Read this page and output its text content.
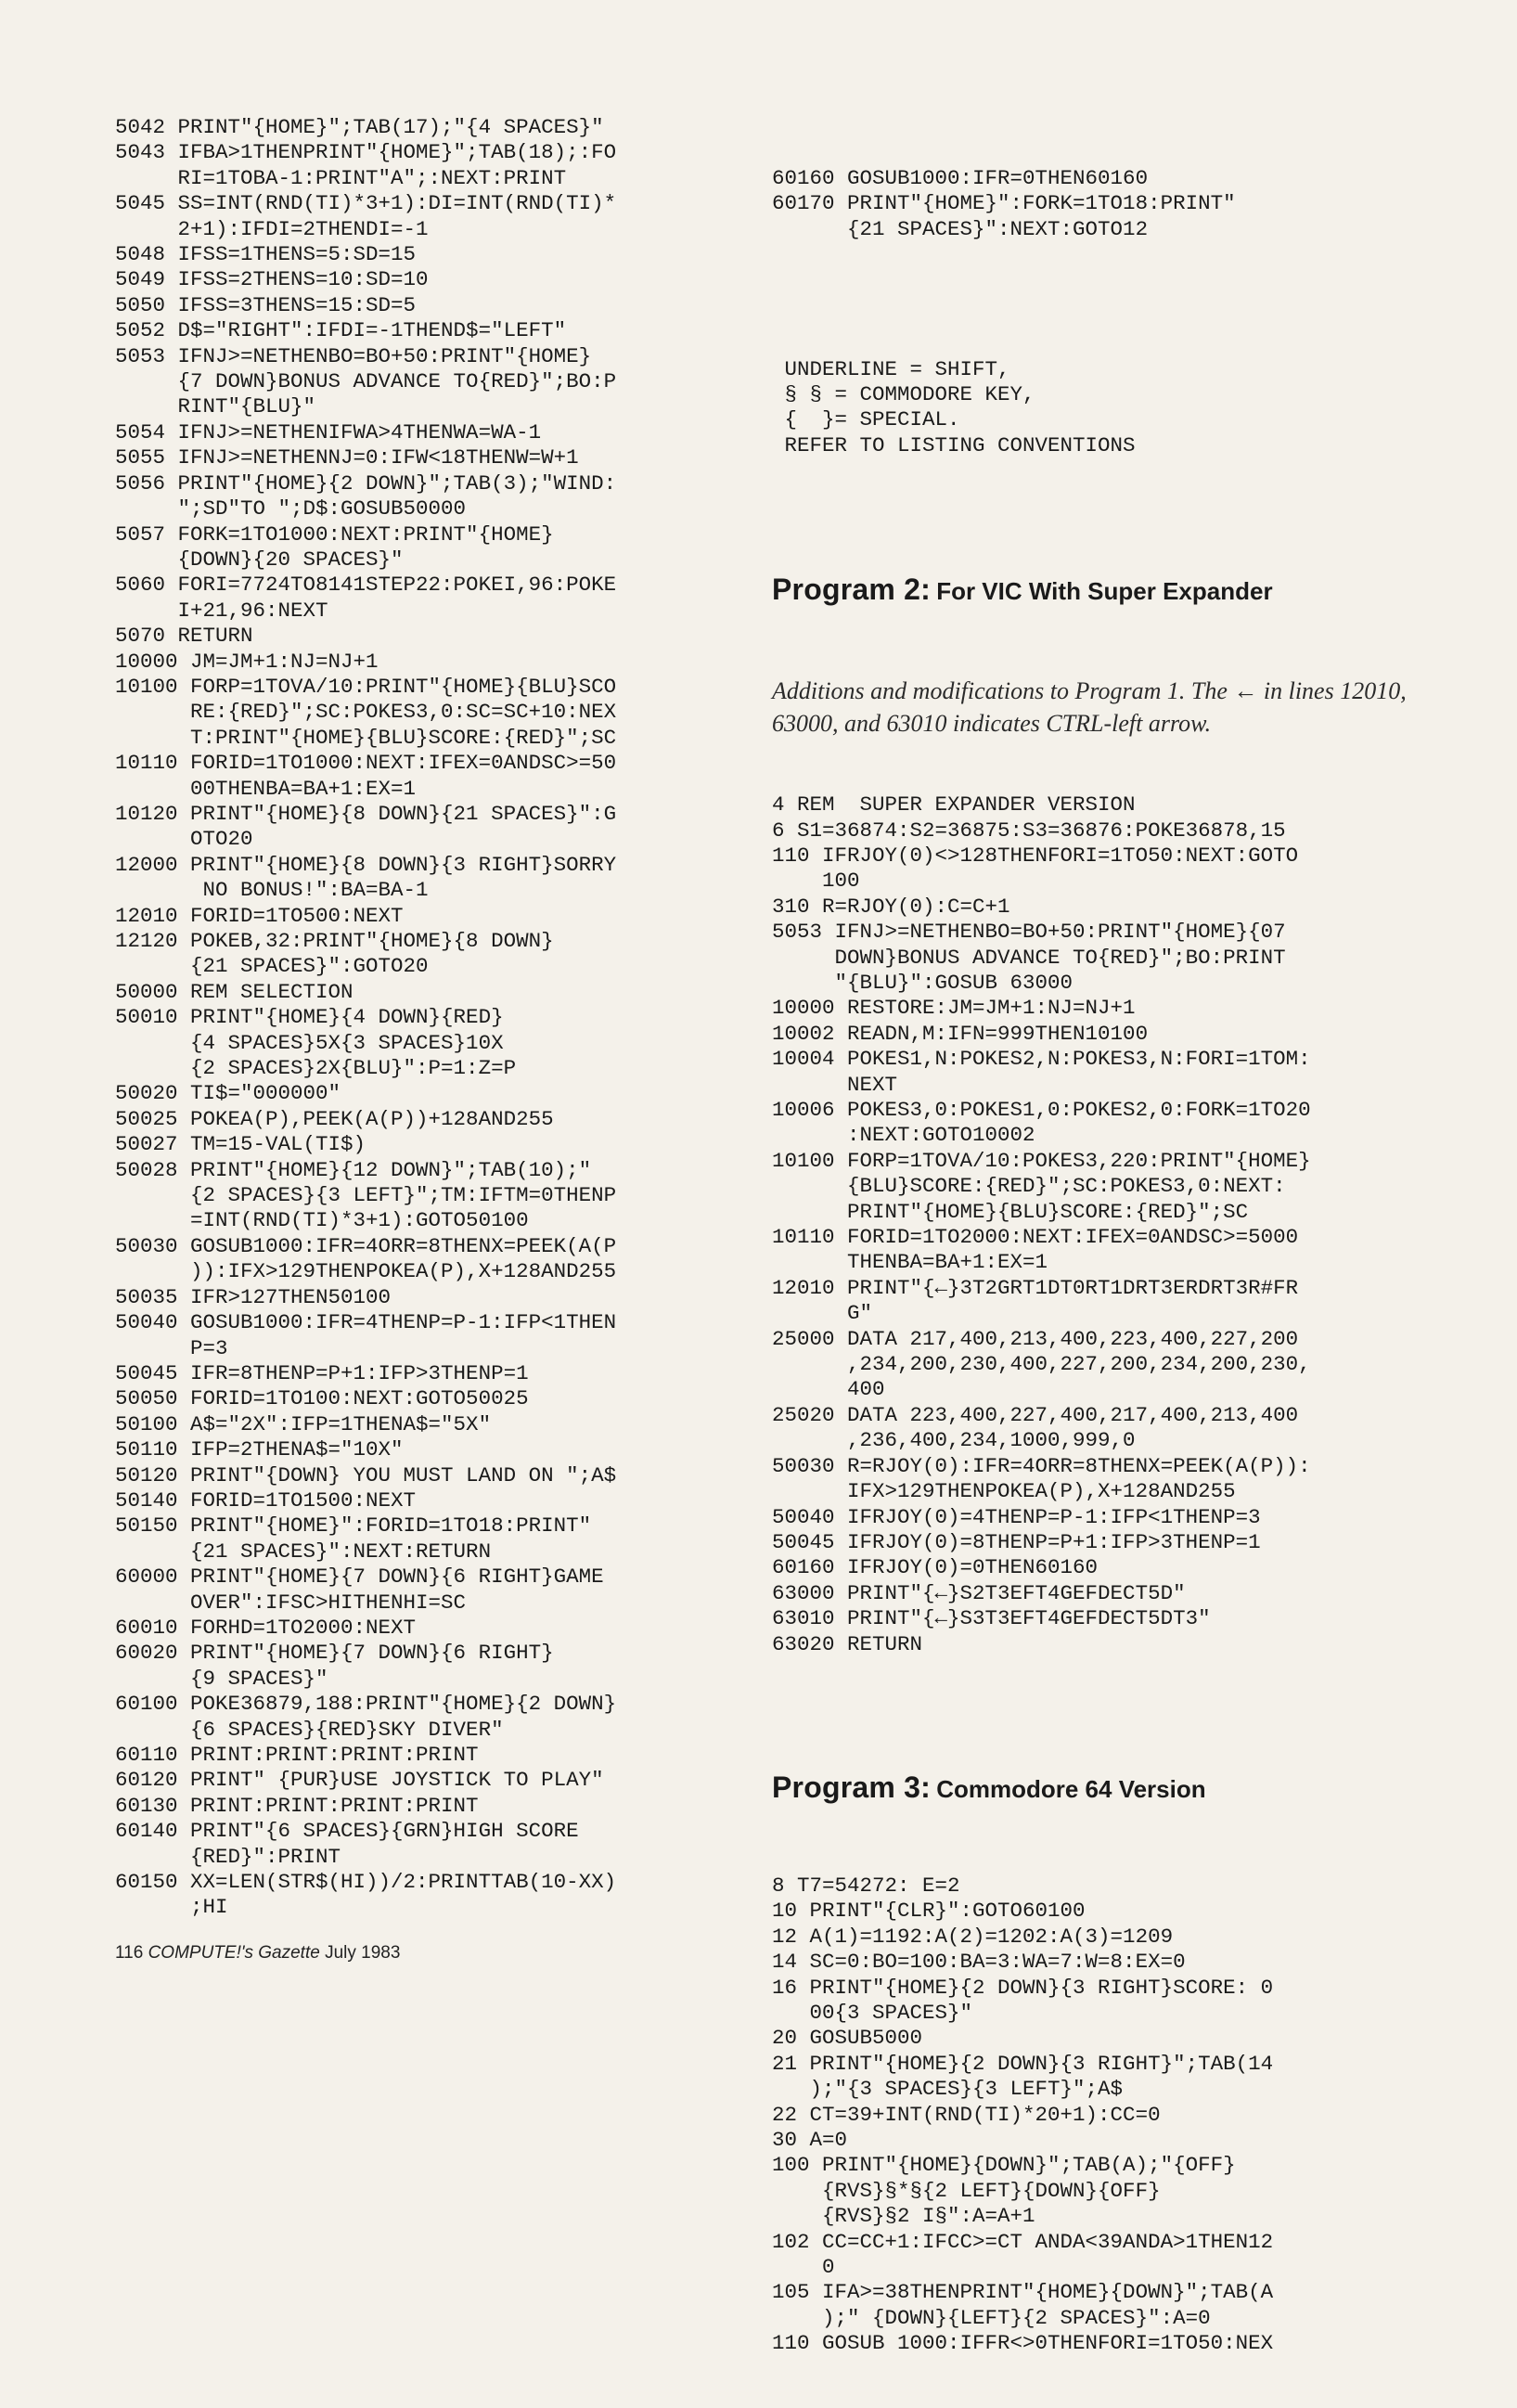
5042 PRINT"{HOME}";TAB(17);"{4 SPACES}"
5043 IFBA>1THENPRINT"{HOME}";TAB(18);:FO
RI=1TOBA-1:PRINT"A";:NEXT:PRINT
5045 SS=INT(RND(TI)*3+1):DI=INT(RND(TI)*
2+1):IFDI=2THENDI=-1
5048 IFSS=1THENS=5:SD=15
5049 IFSS=2THENS=10:SD=10
5050 IFSS=3THENS=15:SD=5
5052 D$="RIGHT":IFDI=-1THEND$="LEFT"
5053 IFNJ>=NETHENBO=BO+50:PRINT"{HOME}
{7 DOWN}BONUS ADVANCE TO{RED}";BO:P
RINT"{BLU}"
5054 IFNJ>=NETHENIFWA>4THENWA=WA-1
5055 IFNJ>=NETHENNJ=0:IFW<18THENW=W+1
5056 PRINT"{HOME}{2 DOWN}";TAB(3);"WIND:
";SD"TO ";D$:GOSUB50000
5057 FORK=1TO1000:NEXT:PRINT"{HOME}
{DOWN}{20 SPACES}"
5060 FORI=7724TO8141STEP22:POKEI,96:POKE
I+21,96:NEXT
5070 RETURN
10000 JM=JM+1:NJ=NJ+1
10100 FORP=1TOVA/10:PRINT"{HOME}{BLU}SCO
RE:{RED}";SC:POKES3,0:SC=SC+10:NEX
T:PRINT"{HOME}{BLU}SCORE:{RED}";SC
10110 FORID=1TO1000:NEXT:IFEX=0ANDSC>=50
00THENBA=BA+1:EX=1
10120 PRINT"{HOME}{8 DOWN}{21 SPACES}":G
OTO20
12000 PRINT"{HOME}{8 DOWN}{3 RIGHT}SORRY
NO BONUS!":BA=BA-1
12010 FORID=1TO500:NEXT
12120 POKEB,32:PRINT"{HOME}{8 DOWN}
{21 SPACES}":GOTO20
50000 REM SELECTION
50010 PRINT"{HOME}{4 DOWN}{RED}
{4 SPACES}5X{3 SPACES}10X
{2 SPACES}2X{BLU}":P=1:Z=P
50020 TI$="000000"
50025 POKEA(P),PEEK(A(P))+128AND255
50027 TM=15-VAL(TI$)
50028 PRINT"{HOME}{12 DOWN}";TAB(10);"
{2 SPACES}{3 LEFT}";TM:IFTM=0THENP
=INT(RND(TI)*3+1):GOTO50100
50030 GOSUB1000:IFR=4ORR=8THENX=PEEK(A(P
)):IFX>129THENPOKEA(P),X+128AND255
50035 IFR>127THEN50100
50040 GOSUB1000:IFR=4THENP=P-1:IFP<1THEN
P=3
50045 IFR=8THENP=P+1:IFP>3THENP=1
50050 FORID=1TO100:NEXT:GOTO50025
50100 A$="2X":IFP=1THENA$="5X"
50110 IFP=2THENA$="10X"
50120 PRINT"{DOWN} YOU MUST LAND ON ";A$
50140 FORID=1TO1500:NEXT
50150 PRINT"{HOME}":FORID=1TO18:PRINT"
{21 SPACES}":NEXT:RETURN
60000 PRINT"{HOME}{7 DOWN}{6 RIGHT}GAME
OVER":IFSC>HITHENHI=SC
60010 FORHD=1TO2000:NEXT
60020 PRINT"{HOME}{7 DOWN}{6 RIGHT}
{9 SPACES}"
60100 POKE36879,188:PRINT"{HOME}{2 DOWN}
{6 SPACES}{RED}SKY DIVER"
60110 PRINT:PRINT:PRINT:PRINT
60120 PRINT" {PUR}USE JOYSTICK TO PLAY"
60130 PRINT:PRINT:PRINT:PRINT
60140 PRINT"{6 SPACES}{GRN}HIGH SCORE
{RED}":PRINT
60150 XX=LEN(STR$(HI))/2:PRINTTAB(10-XX)
;HI

60160 GOSUB1000:IFR=0THEN60160
60170 PRINT"{HOME}":FORK=1TO18:PRINT"
{21 SPACES}":NEXT:GOTO12

UNDERLINE = SHIFT,
§ § = COMMODORE KEY,
{  }= SPECIAL.
REFER TO LISTING CONVENTIONS

Program 2: For VIC With Super Expander

Additions and modifications to Program 1. The ← in lines 12010, 63000, and 63010 indicates CTRL-left arrow.

4 REM  SUPER EXPANDER VERSION
6 S1=36874:S2=36875:S3=36876:POKE36878,15
110 IFRJOY(0)<>128THENFORI=1TO50:NEXT:GOTO
100
310 R=RJOY(0):C=C+1
5053 IFNJ>=NETHENBO=BO+50:PRINT"{HOME}{07
DOWN}BONUS ADVANCE TO{RED}";BO:PRINT
"{BLU}":GOSUB 63000
10000 RESTORE:JM=JM+1:NJ=NJ+1
10002 READN,M:IFN=999THEN10100
10004 POKES1,N:POKES2,N:POKES3,N:FORI=1TOM:
NEXT
10006 POKES3,0:POKES1,0:POKES2,0:FORK=1TO20
:NEXT:GOTO10002
10100 FORP=1TOVA/10:POKES3,220:PRINT"{HOME}
{BLU}SCORE:{RED}";SC:POKES3,0:NEXT:
PRINT"{HOME}{BLU}SCORE:{RED}";SC
10110 FORID=1TO2000:NEXT:IFEX=0ANDSC>=5000
THENBA=BA+1:EX=1
12010 PRINT"{←}3T2GRT1DT0RT1DRT3ERDRT3R#FR
G"
25000 DATA 217,400,213,400,223,400,227,200
,234,200,230,400,227,200,234,200,230,
400
25020 DATA 223,400,227,400,217,400,213,400
,236,400,234,1000,999,0
50030 R=RJOY(0):IFR=4ORR=8THENX=PEEK(A(P)):
IFX>129THENPOKEA(P),X+128AND255
50040 IFRJOY(0)=4THENP=P-1:IFP<1THENP=3
50045 IFRJOY(0)=8THENP=P+1:IFP>3THENP=1
60160 IFRJOY(0)=0THEN60160
63000 PRINT"{←}S2T3EFT4GEFDECT5D"
63010 PRINT"{←}S3T3EFT4GEFDECT5DT3"
63020 RETURN

Program 3: Commodore 64 Version

8 T7=54272: E=2
10 PRINT"{CLR}":GOTO60100
12 A(1)=1192:A(2)=1202:A(3)=1209
14 SC=0:BO=100:BA=3:WA=7:W=8:EX=0
16 PRINT"{HOME}{2 DOWN}{3 RIGHT}SCORE: 0
00{3 SPACES}"
20 GOSUB5000
21 PRINT"{HOME}{2 DOWN}{3 RIGHT}";TAB(14
);"{3 SPACES}{3 LEFT}";A$
22 CT=39+INT(RND(TI)*20+1):CC=0
30 A=0
100 PRINT"{HOME}{DOWN}";TAB(A);"{OFF}
{RVS}§*§{2 LEFT}{DOWN}{OFF}
{RVS}§2 I§":A=A+1
102 CC=CC+1:IFCC>=CT ANDA<39ANDA>1THEN12
0
105 IFA>=38THENPRINT"{HOME}{DOWN}";TAB(A
);" {DOWN}{LEFT}{2 SPACES}":A=0
110 GOSUB 1000:IFFR<>0THENFORI=1TO50:NEX

116 COMPUTE!'s Gazette July 1983
